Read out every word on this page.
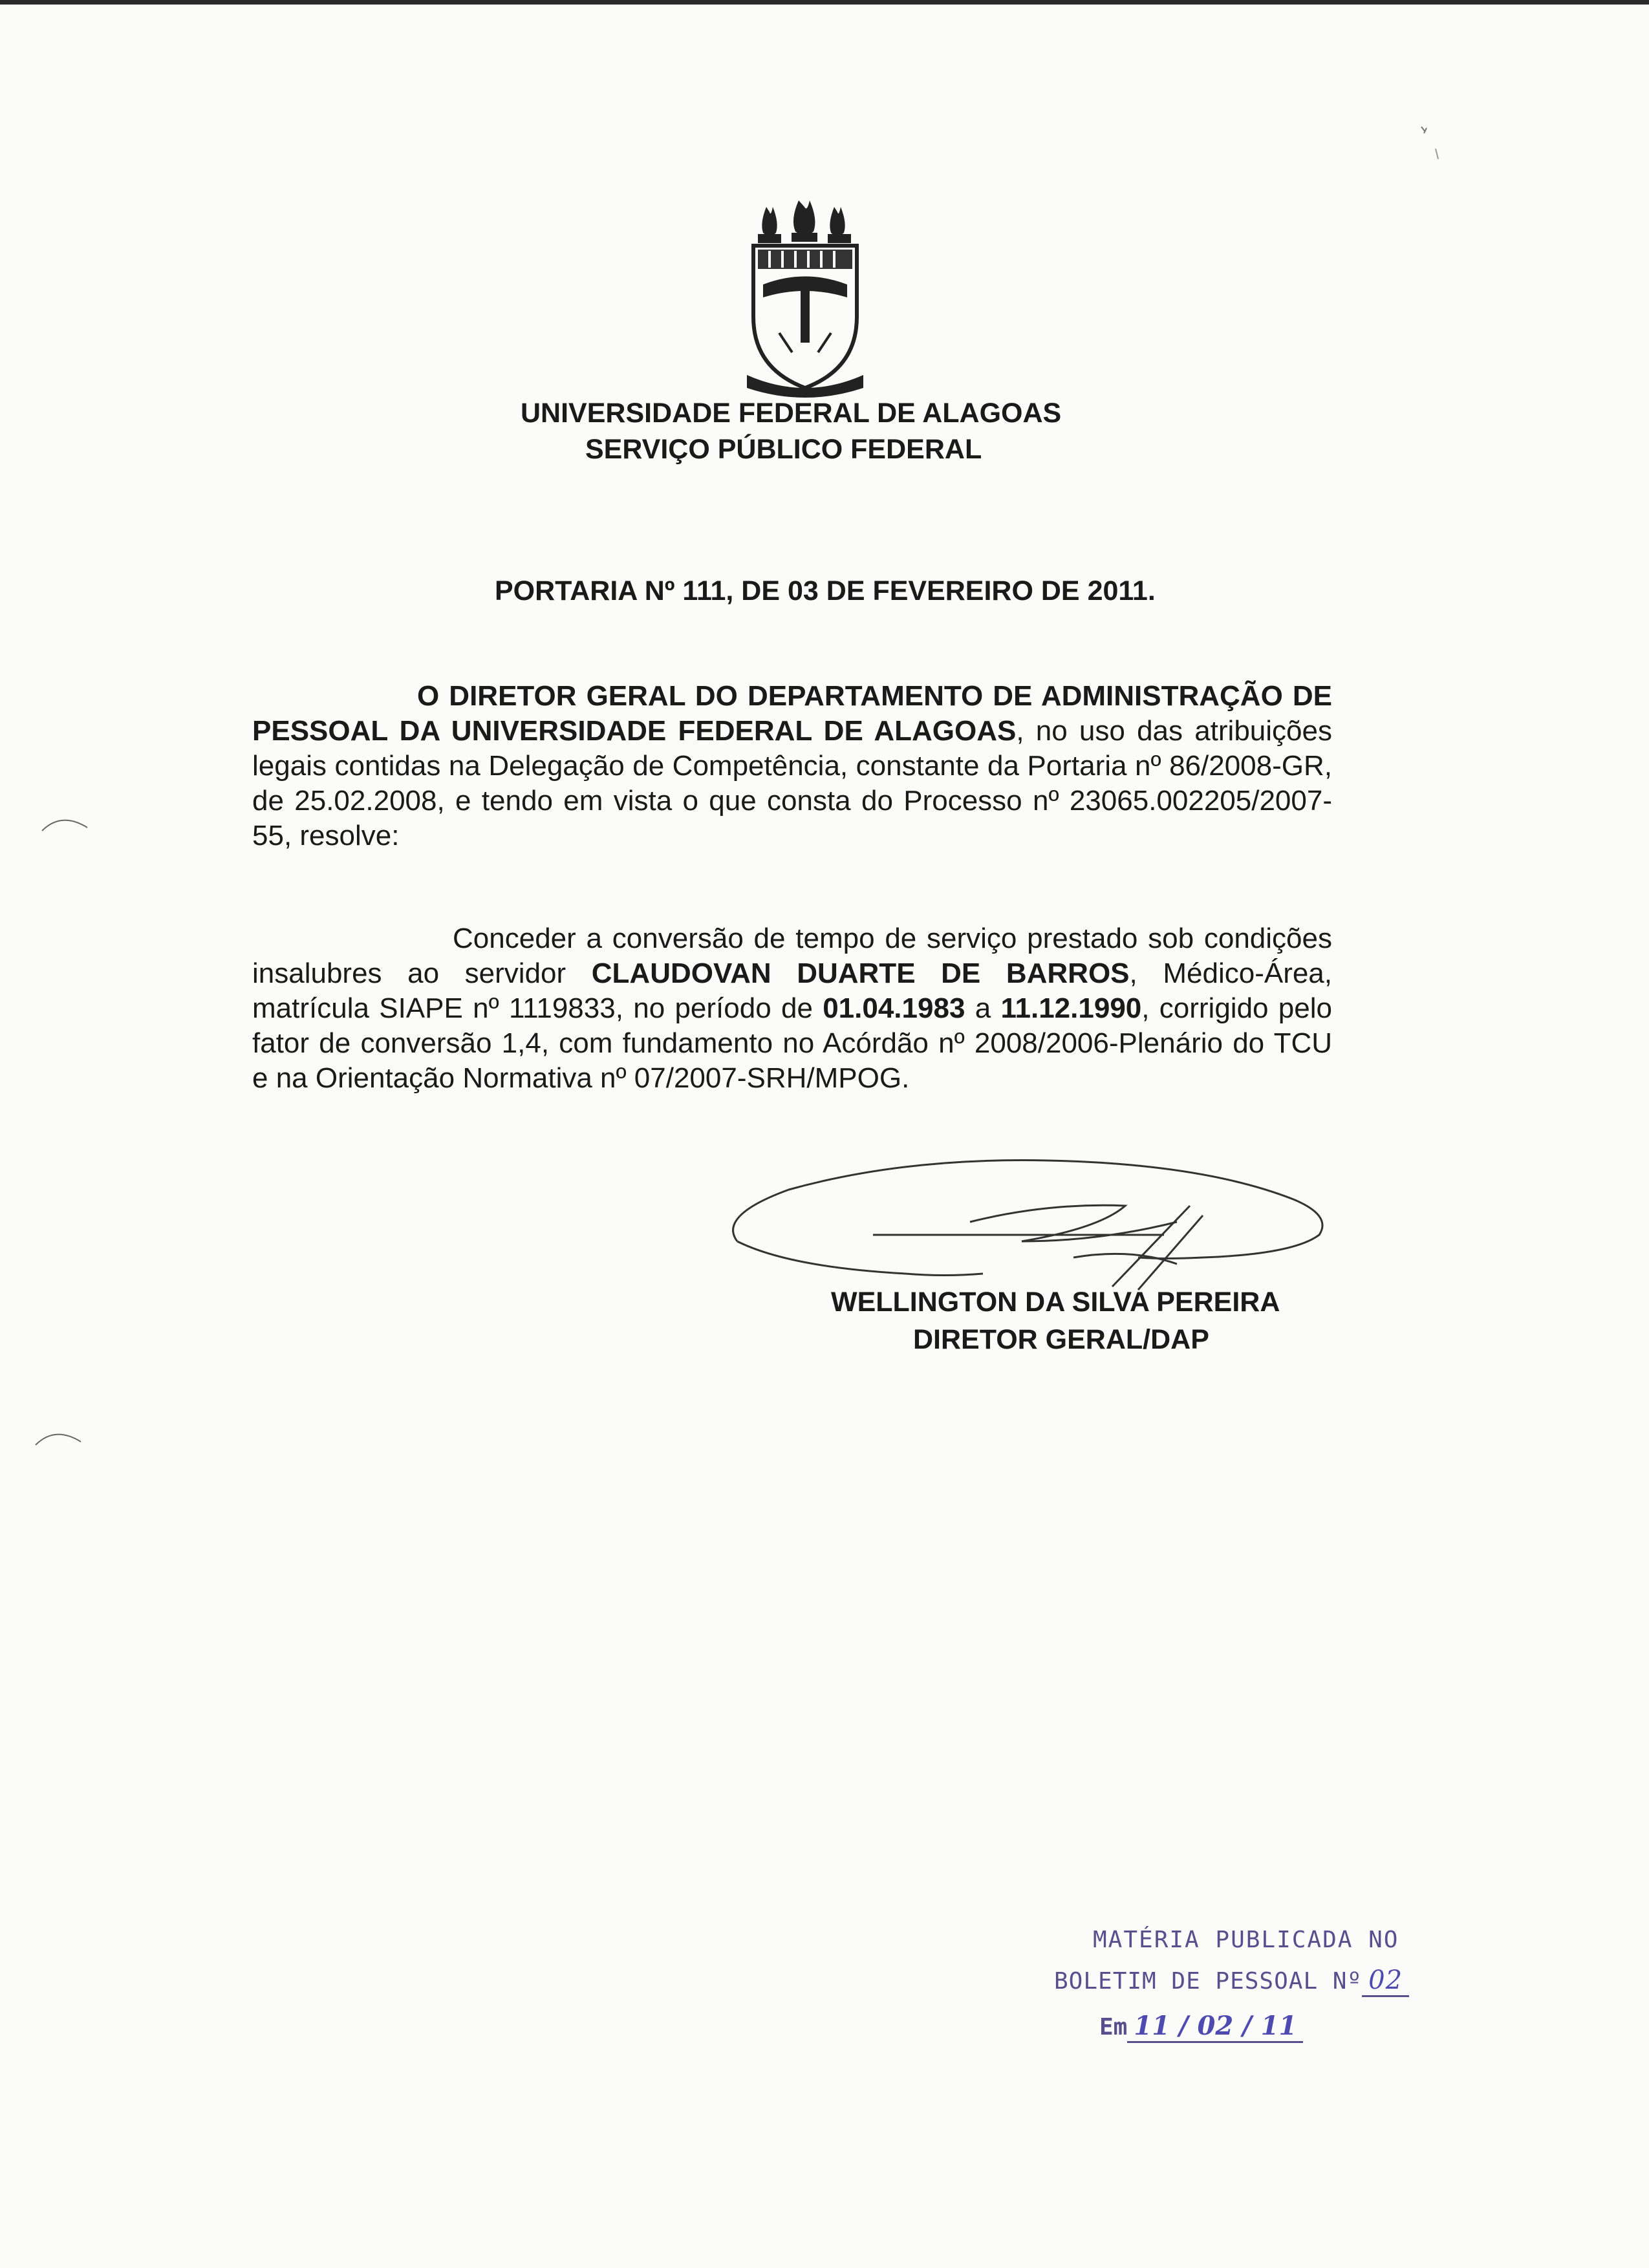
UNIVERSIDADE FEDERAL DE ALAGOAS
SERVIÇO PÚBLICO FEDERAL
PORTARIA Nº 111, DE 03 DE FEVEREIRO DE 2011.
O DIRETOR GERAL DO DEPARTAMENTO DE ADMINISTRAÇÃO DE PESSOAL DA UNIVERSIDADE FEDERAL DE ALAGOAS, no uso das atribuições legais contidas na Delegação de Competência, constante da Portaria nº 86/2008-GR, de 25.02.2008, e tendo em vista o que consta do Processo nº 23065.002205/2007-55, resolve:
Conceder a conversão de tempo de serviço prestado sob condições insalubres ao servidor CLAUDOVAN DUARTE DE BARROS, Médico-Área, matrícula SIAPE nº 1119833, no período de 01.04.1983 a 11.12.1990, corrigido pelo fator de conversão 1,4, com fundamento no Acórdão nº 2008/2006-Plenário do TCU e na Orientação Normativa nº 07/2007-SRH/MPOG.
WELLINGTON DA SILVA PEREIRA
DIRETOR GERAL/DAP
MATÉRIA PUBLICADA NO
BOLETIM DE PESSOAL Nº 02
Em 11 / 02 / 11
